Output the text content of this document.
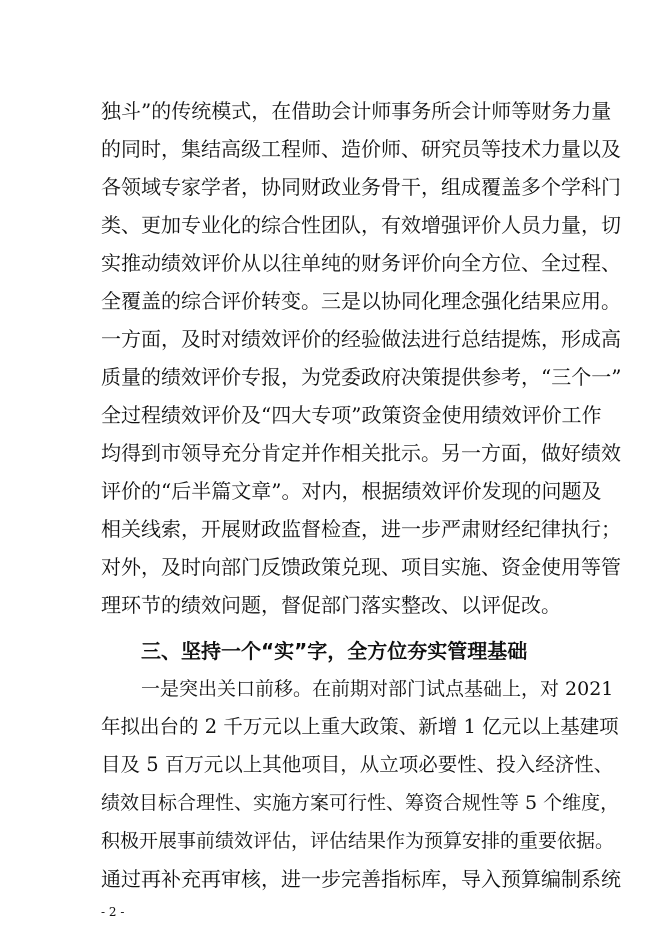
独斗”的传统模式，在借助会计师事务所会计师等财务力量
的同时，集结高级工程师、造价师、研究员等技术力量以及
各领域专家学者，协同财政业务骨干，组成覆盖多个学科门
类、更加专业化的综合性团队，有效增强评价人员力量，切
实推动绩效评价从以往单纯的财务评价向全方位、全过程、
全覆盖的综合评价转变。三是以协同化理念强化结果应用。
一方面，及时对绩效评价的经验做法进行总结提炼，形成高
质量的绩效评价专报，为党委政府决策提供参考，“三个一”
全过程绩效评价及“四大专项”政策资金使用绩效评价工作
均得到市领导充分肯定并作相关批示。另一方面，做好绩效
评价的“后半篇文章”。对内，根据绩效评价发现的问题及
相关线索，开展财政监督检查，进一步严肃财经纪律执行；
对外，及时向部门反馈政策兑现、项目实施、资金使用等管
理环节的绩效问题，督促部门落实整改、以评促改。
三、坚持一个“实”字，全方位夯实管理基础
一是突出关口前移。在前期对部门试点基础上，对 2021
年拟出台的 2 千万元以上重大政策、新增 1 亿元以上基建项
目及 5 百万元以上其他项目，从立项必要性、投入经济性、
绩效目标合理性、实施方案可行性、筹资合规性等 5 个维度，
积极开展事前绩效评估，评估结果作为预算安排的重要依据。
通过再补充再审核，进一步完善指标库，导入预算编制系统
- 2 -
